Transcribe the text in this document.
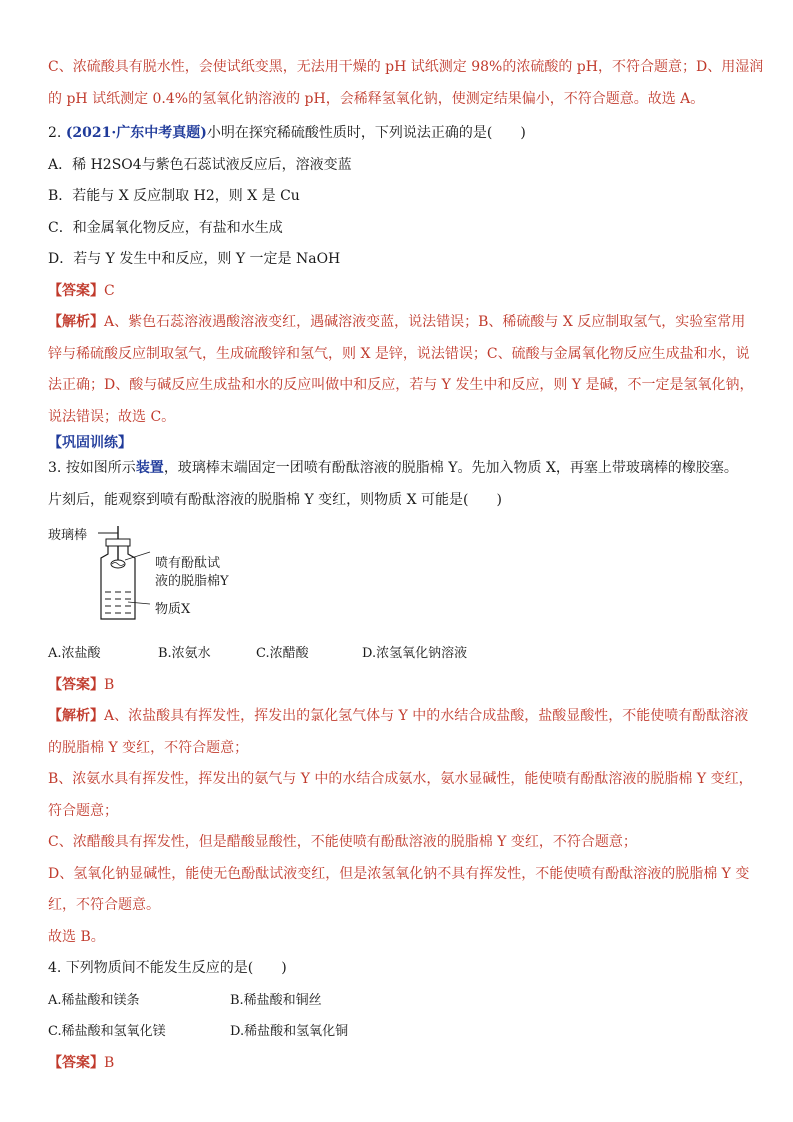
C、浓硫酸具有脱水性，会使试纸变黑，无法用干燥的 pH 试纸测定 98%的浓硫酸的 pH，不符合题意；D、用湿润
的 pH 试纸测定 0.4%的氢氧化钠溶液的 pH，会稀释氢氧化钠，使测定结果偏小，不符合题意。故选 A。
2. (2021·广东中考真题)小明在探究稀硫酸性质时，下列说法正确的是(　　)
A．稀 H2SO4与紫色石蕊试液反应后，溶液变蓝
B．若能与 X 反应制取 H2，则 X 是 Cu
C．和金属氧化物反应，有盐和水生成
D．若与 Y 发生中和反应，则 Y 一定是 NaOH
【答案】C
【解析】A、紫色石蕊溶液遇酸溶液变红，遇碱溶液变蓝，说法错误；B、稀硫酸与 X 反应制取氢气，实验室常用
锌与稀硫酸反应制取氢气，生成硫酸锌和氢气，则 X 是锌，说法错误；C、硫酸与金属氧化物反应生成盐和水，说
法正确；D、酸与碱反应生成盐和水的反应叫做中和反应，若与 Y 发生中和反应，则 Y 是碱，不一定是氢氧化钠，
说法错误；故选 C。
【巩固训练】
3. 按如图所示装置，玻璃棒末端固定一团喷有酚酞溶液的脱脂棉 Y。先加入物质 X，再塞上带玻璃棒的橡胶塞。
片刻后，能观察到喷有酚酞溶液的脱脂棉 Y 变红，则物质 X 可能是(　　)
玻璃棒
喷有酚酞试
液的脱脂棉Y
物质X
A.浓盐酸	B.浓氨水	C.浓醋酸	D.浓氢氧化钠溶液
【答案】B
【解析】A、浓盐酸具有挥发性，挥发出的氯化氢气体与 Y 中的水结合成盐酸，盐酸显酸性，不能使喷有酚酞溶液
的脱脂棉 Y 变红，不符合题意；
B、浓氨水具有挥发性，挥发出的氨气与 Y 中的水结合成氨水，氨水显碱性，能使喷有酚酞溶液的脱脂棉 Y 变红，
符合题意；
C、浓醋酸具有挥发性，但是醋酸显酸性，不能使喷有酚酞溶液的脱脂棉 Y 变红，不符合题意；
D、氢氧化钠显碱性，能使无色酚酞试液变红，但是浓氢氧化钠不具有挥发性，不能使喷有酚酞溶液的脱脂棉 Y 变
红，不符合题意。
故选 B。
4. 下列物质间不能发生反应的是(　　)
A.稀盐酸和镁条	B.稀盐酸和铜丝
C.稀盐酸和氢氧化镁	D.稀盐酸和氢氧化铜
【答案】B
